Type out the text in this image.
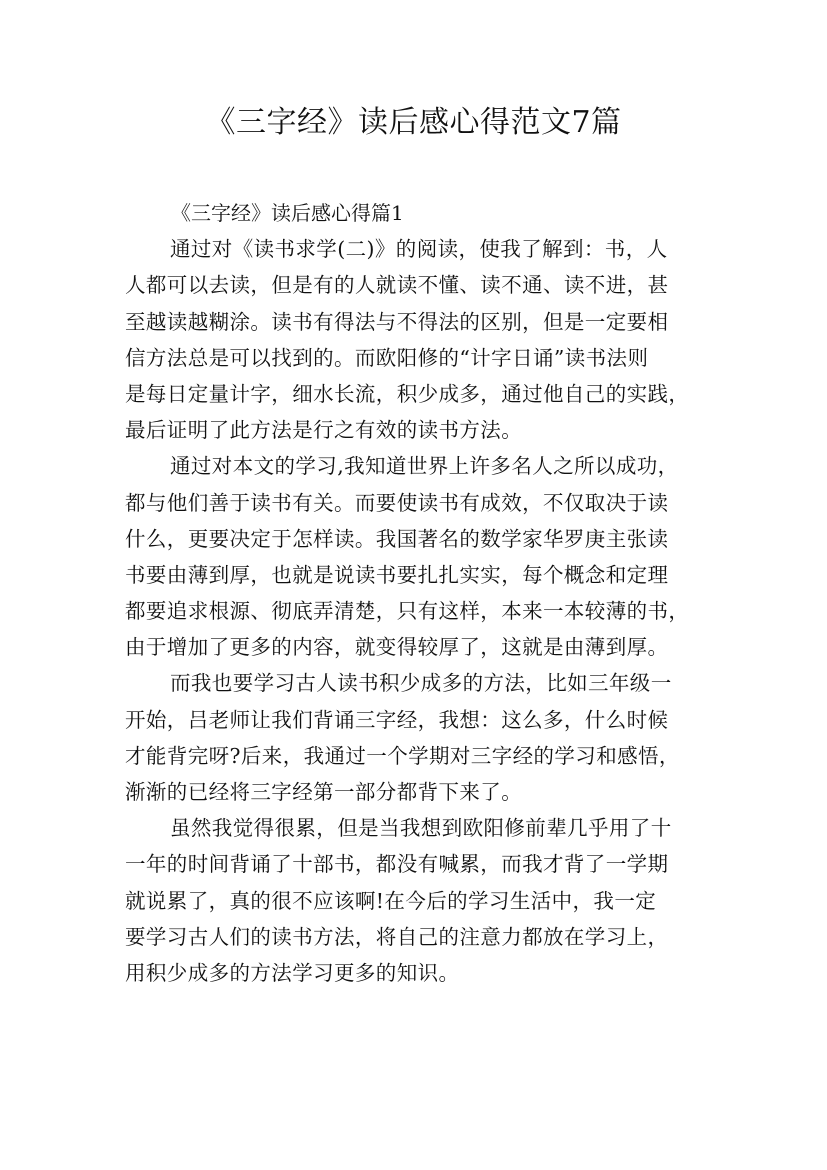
《三字经》读后感心得范文7篇

《三字经》读后感心得篇1

通过对《读书求学(二)》的阅读，使我了解到：书，人
人都可以去读，但是有的人就读不懂、读不通、读不进，甚
至越读越糊涂。读书有得法与不得法的区别，但是一定要相
信方法总是可以找到的。而欧阳修的“计字日诵”读书法则
是每日定量计字，细水长流，积少成多，通过他自己的实践，
最后证明了此方法是行之有效的读书方法。

通过对本文的学习,我知道世界上许多名人之所以成功，
都与他们善于读书有关。而要使读书有成效，不仅取决于读
什么，更要决定于怎样读。我国著名的数学家华罗庚主张读
书要由薄到厚，也就是说读书要扎扎实实，每个概念和定理
都要追求根源、彻底弄清楚，只有这样，本来一本较薄的书，
由于增加了更多的内容，就变得较厚了，这就是由薄到厚。

而我也要学习古人读书积少成多的方法，比如三年级一
开始，吕老师让我们背诵三字经，我想：这么多，什么时候
才能背完呀?后来，我通过一个学期对三字经的学习和感悟，
渐渐的已经将三字经第一部分都背下来了。

虽然我觉得很累，但是当我想到欧阳修前辈几乎用了十
一年的时间背诵了十部书，都没有喊累，而我才背了一学期
就说累了，真的很不应该啊!在今后的学习生活中，我一定
要学习古人们的读书方法，将自己的注意力都放在学习上，
用积少成多的方法学习更多的知识。
